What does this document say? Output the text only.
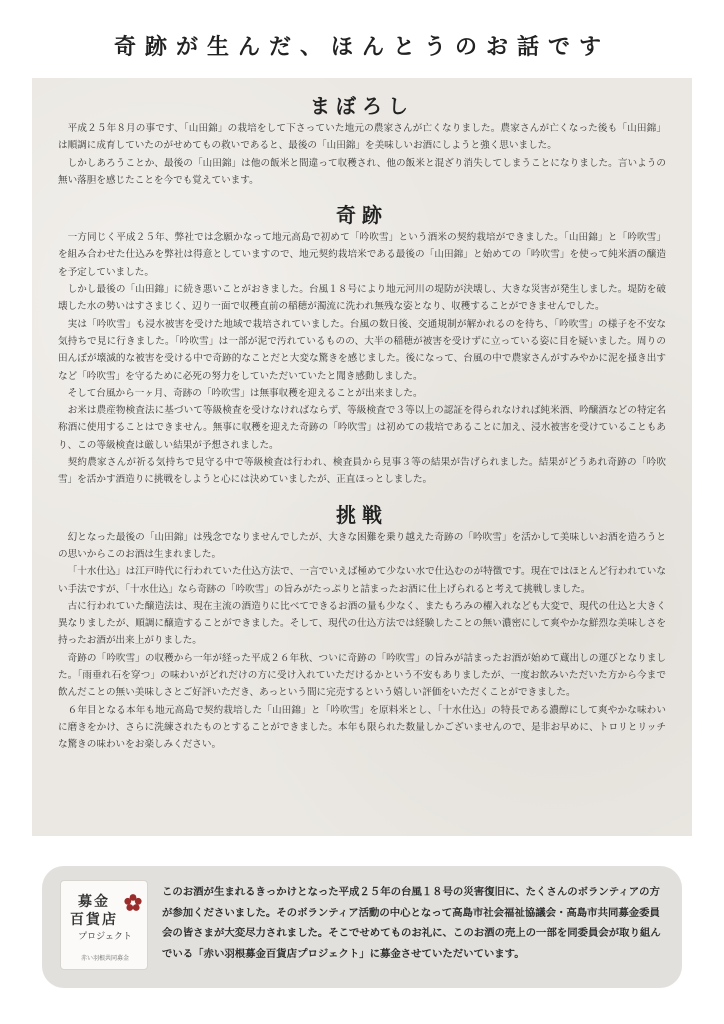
奇跡が生んだ、ほんとうのお話です
まぼろし

平成２５年８月の事です、「山田錦」の栽培をして下さっていた地元の農家さんが亡くなりました。農家さんが亡くなった後も「山田錦」は順調に成育していたのがせめてもの救いであると、最後の「山田錦」を美味しいお酒にしようと強く思いました。

しかしあろうことか、最後の「山田錦」は他の飯米と間違って収穫され、他の飯米と混ざり消失してしまうことになりました。言いようの無い落胆を感じたことを今でも覚えています。

奇跡

一方同じく平成２５年、弊社では念願かなって地元高島で初めて「吟吹雪」という酒米の契約栽培ができました。「山田錦」と「吟吹雪」を組み合わせた仕込みを弊社は得意としていますので、地元契約栽培米である最後の「山田錦」と始めての「吟吹雪」を使って純米酒の醸造を予定していました。

しかし最後の「山田錦」に続き悪いことがおきました。台風１８号により地元河川の堤防が決壊し、大きな災害が発生しました。堤防を破壊した水の勢いはすさまじく、辺り一面で収穫直前の稲穂が濁流に洗われ無残な姿となり、収穫することができませんでした。

実は「吟吹雪」も浸水被害を受けた地域で栽培されていました。台風の数日後、交通規制が解かれるのを待ち、「吟吹雪」の様子を不安な気持ちで見に行きました。「吟吹雪」は一部が泥で汚れているものの、大半の稲穂が被害を受けずに立っている姿に目を疑いました。周りの田んぼが壊滅的な被害を受ける中で奇跡的なことだと大変な驚きを感じました。後になって、台風の中で農家さんがすみやかに泥を掻き出すなど「吟吹雪」を守るために必死の努力をしていただいていたと聞き感動しました。

そして台風から一ヶ月、奇跡の「吟吹雪」は無事収穫を迎えることが出来ました。

お米は農産物検査法に基づいて等級検査を受けなければならず、等級検査で３等以上の認証を得られなければ純米酒、吟醸酒などの特定名称酒に使用することはできません。無事に収穫を迎えた奇跡の「吟吹雪」は初めての栽培であることに加え、浸水被害を受けていることもあり、この等級検査は厳しい結果が予想されました。

契約農家さんが祈る気持ちで見守る中で等級検査は行われ、検査員から見事３等の結果が告げられました。結果がどうあれ奇跡の「吟吹雪」を活かす酒造りに挑戦をしようと心には決めていましたが、正直ほっとしました。

挑戦

幻となった最後の「山田錦」は残念でなりませんでしたが、大きな困難を乗り越えた奇跡の「吟吹雪」を活かして美味しいお酒を造ろうとの思いからこのお酒は生まれました。

「十水仕込」は江戸時代に行われていた仕込方法で、一言でいえば極めて少ない水で仕込むのが特徴です。現在ではほとんど行われていない手法ですが、「十水仕込」なら奇跡の「吟吹雪」の旨みがたっぷりと詰まったお酒に仕上げられると考えて挑戦しました。

古に行われていた醸造法は、現在主流の酒造りに比べてできるお酒の量も少なく、またもろみの櫂入れなども大変で、現代の仕込と大きく異なりましたが、順調に醸造することができました。そして、現代の仕込方法では経験したことの無い濃密にして爽やかな鮮烈な美味しさを持ったお酒が出来上がりました。

奇跡の「吟吹雪」の収穫から一年が経った平成２６年秋、ついに奇跡の「吟吹雪」の旨みが詰まったお酒が始めて蔵出しの運びとなりました。「雨垂れ石を穿つ」の味わいがどれだけの方に受け入れていただけるかという不安もありましたが、一度お飲みいただいた方から今まで飲んだことの無い美味しさとご好評いただき、あっという間に完売するという嬉しい評価をいただくことができました。

６年目となる本年も地元高島で契約栽培した「山田錦」と「吟吹雪」を原料米とし、「十水仕込」の特長である濃醇にして爽やかな味わいに磨きをかけ、さらに洗練されたものとすることができました。本年も限られた数量しかございませんので、是非お早めに、トロリとリッチな驚きの味わいをお楽しみください。

募金
百貨店
プロジェクト
赤い羽根共同募金

このお酒が生まれるきっかけとなった平成２５年の台風１８号の災害復旧に、たくさんのボランティアの方が参加くださいました。そのボランティア活動の中心となって高島市社会福祉協議会・高島市共同募金委員会の皆さまが大変尽力されました。そこでせめてものお礼に、このお酒の売上の一部を同委員会が取り組んでいる「赤い羽根募金百貨店プロジェクト」に募金させていただいています。
